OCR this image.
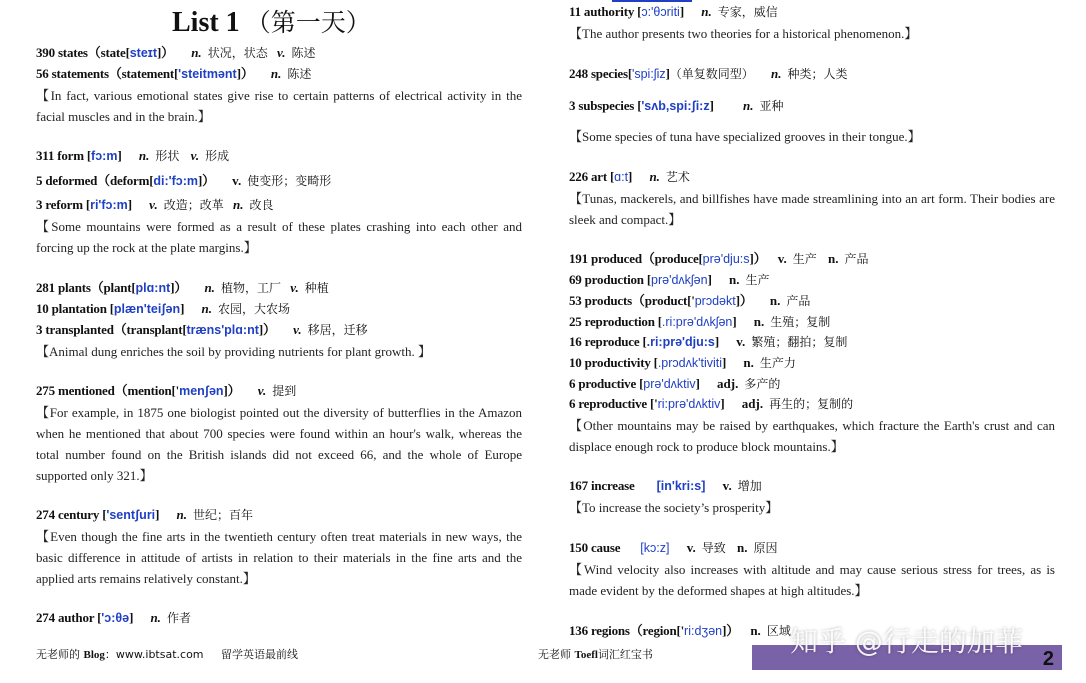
List 1 （第一天）
390 states（state[steɪt]） n. 状况，状态 v. 陈述
56 statements（statement['steitmənt]） n. 陈述
【In fact, various emotional states give rise to certain patterns of electrical activity in the facial muscles and in the brain.】
311 form [fɔ:m] n. 形状 v. 形成
5 deformed（deform[di:'fɔ:m]） v. 使变形；变畸形
3 reform [ri'fɔ:m] v. 改造；改革 n. 改良
【Some mountains were formed as a result of these plates crashing into each other and forcing up the rock at the plate margins.】
281 plants（plant[plɑ:nt]） n. 植物，工厂 v. 种植
10 plantation [plæn'teiʃən] n. 农园，大农场
3 transplanted（transplant[træns'plɑ:nt]） v. 移居，迁移
【Animal dung enriches the soil by providing nutrients for plant growth. 】
275 mentioned（mention['menʃən]） v. 提到
【For example, in 1875 one biologist pointed out the diversity of butterflies in the Amazon when he mentioned that about 700 species were found within an hour's walk, whereas the total number found on the British islands did not exceed 66, and the whole of Europe supported only 321.】
274 century ['sentʃuri] n. 世纪；百年
【Even though the fine arts in the twentieth century often treat materials in new ways, the basic difference in attitude of artists in relation to their materials in the fine arts and the applied arts remains relatively constant.】
274 author ['ɔ:θə] n. 作者
11 authority [ɔ:'θɔriti] n. 专家，威信
【The author presents two theories for a historical phenomenon.】
248 species['spi:ʃiz]（单复数同型） n. 种类；人类
3 subspecies ['sʌb,spi:ʃi:z] n. 亚种
【Some species of tuna have specialized grooves in their tongue.】
226 art [ɑ:t] n. 艺术
【Tunas, mackerels, and billfishes have made streamlining into an art form. Their bodies are sleek and compact.】
191 produced（produce[prə'dju:s]） v. 生产 n. 产品
69 production [prə'dʌkʃən] n. 生产
53 products（product['prɔdəkt]） n. 产品
25 reproduction [.ri:prə'dʌkʃən] n. 生殖；复制
16 reproduce [.ri:prə'dju:s] v. 繁殖；翻拍；复制
10 productivity [.prɔdʌk'tiviti] n. 生产力
6 productive [prə'dʌktiv] adj. 多产的
6 reproductive ['ri:prə'dʌktiv] adj. 再生的；复制的
【Other mountains may be raised by earthquakes, which fracture the Earth's crust and can displace enough rock to produce block mountains.】
167 increase [in'kri:s] v. 增加
【To increase the society’s prosperity】
150 cause [kɔ:z] v. 导致 n. 原因
【Wind velocity also increases with altitude and may cause serious stress for trees, as is made evident by the deformed shapes at high altitudes.】
136 regions（region['ri:dʒən]） n. 区域
无老师的 Blog：www.ibtsat.com 留学英语最前线	无老师 Toefl词汇红宝书	2
知乎 @行走的加菲
